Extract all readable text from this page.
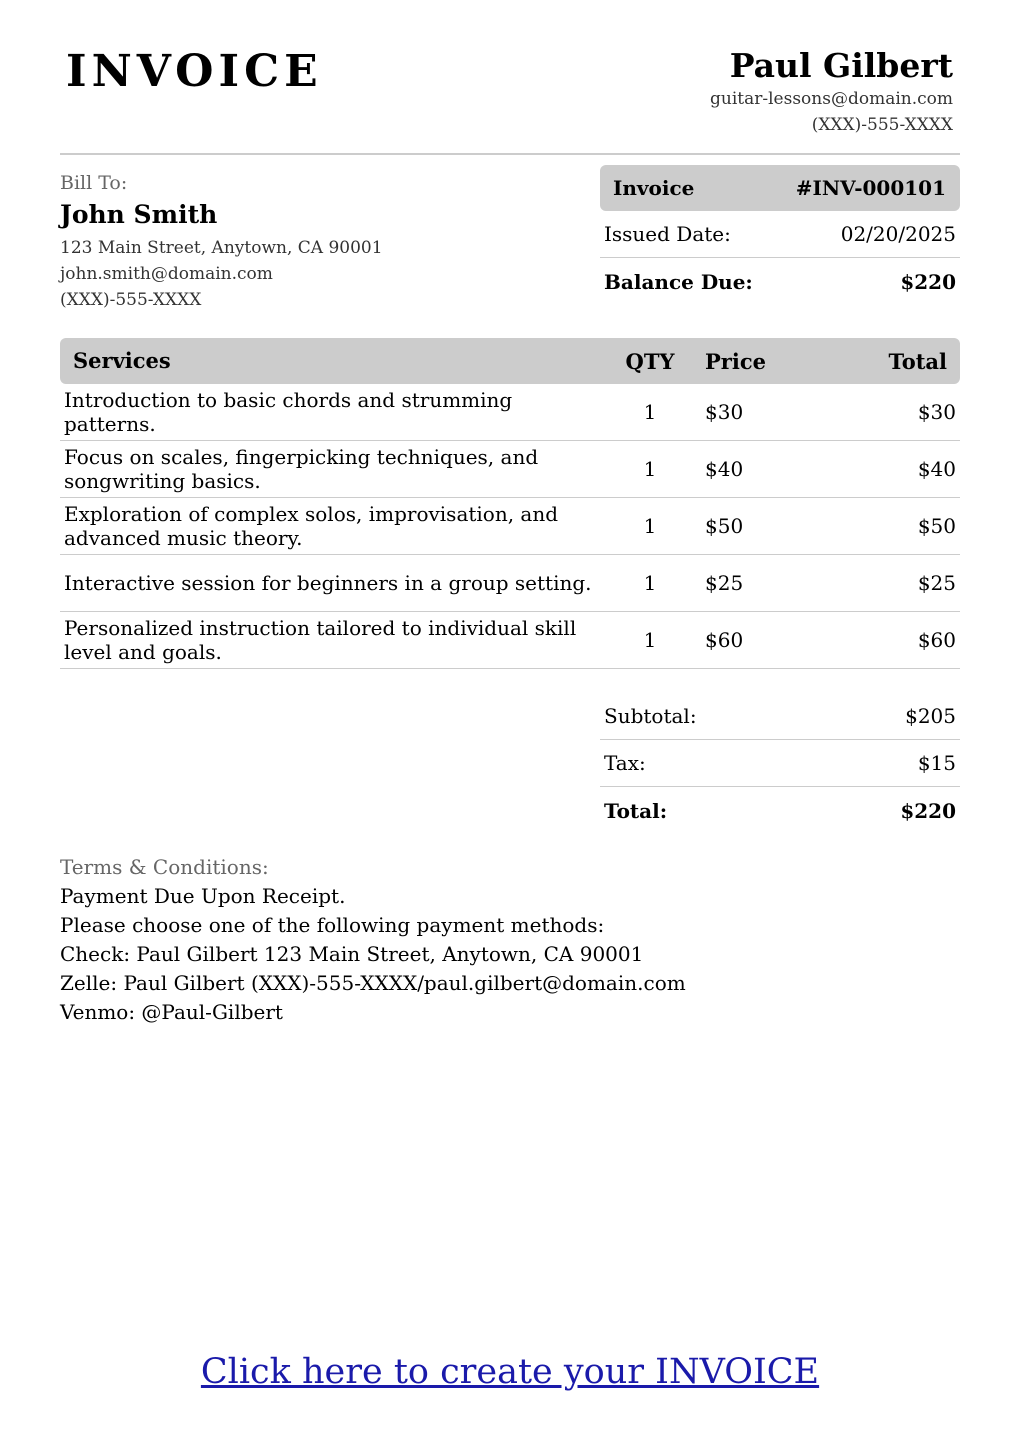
INVOICE	Paul Gilbert
guitar-lessons@domain.com
(XXX)-555-XXXX
Bill To:
John Smith
123 Main Street, Anytown, CA 90001
john.smith@domain.com
(XXX)-555-XXXX
Invoice	#INV-000101
Issued Date:	02/20/2025
Balance Due:	$220
Services	QTY	Price	Total
Introduction to basic chords and strumming patterns.	1	$30	$30
Focus on scales, fingerpicking techniques, and songwriting basics.	1	$40	$40
Exploration of complex solos, improvisation, and advanced music theory.	1	$50	$50
Interactive session for beginners in a group setting.	1	$25	$25
Personalized instruction tailored to individual skill level and goals.	1	$60	$60
Subtotal:	$205
Tax:	$15
Total:	$220
Terms & Conditions:
Payment Due Upon Receipt.
Please choose one of the following payment methods:
Check: Paul Gilbert 123 Main Street, Anytown, CA 90001
Zelle: Paul Gilbert (XXX)-555-XXXX/paul.gilbert@domain.com
Venmo: @Paul-Gilbert
Click here to create your INVOICE
